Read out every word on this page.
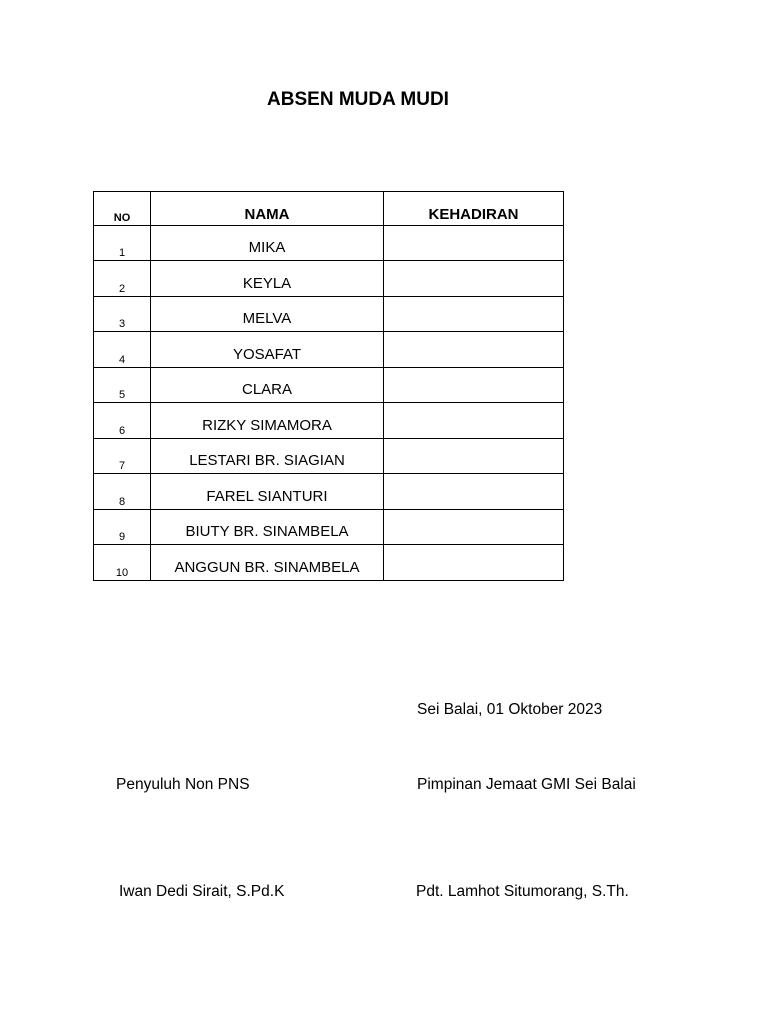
ABSEN MUDA MUDI
NO	NAMA	KEHADIRAN
1	MIKA	
2	KEYLA	
3	MELVA	
4	YOSAFAT	
5	CLARA	
6	RIZKY SIMAMORA	
7	LESTARI BR. SIAGIAN	
8	FAREL SIANTURI	
9	BIUTY BR. SINAMBELA	
10	ANGGUN BR. SINAMBELA	
Sei Balai, 01 Oktober 2023
Penyuluh Non PNS	Pimpinan Jemaat GMI Sei Balai
Iwan Dedi Sirait, S.Pd.K	Pdt. Lamhot Situmorang, S.Th.
